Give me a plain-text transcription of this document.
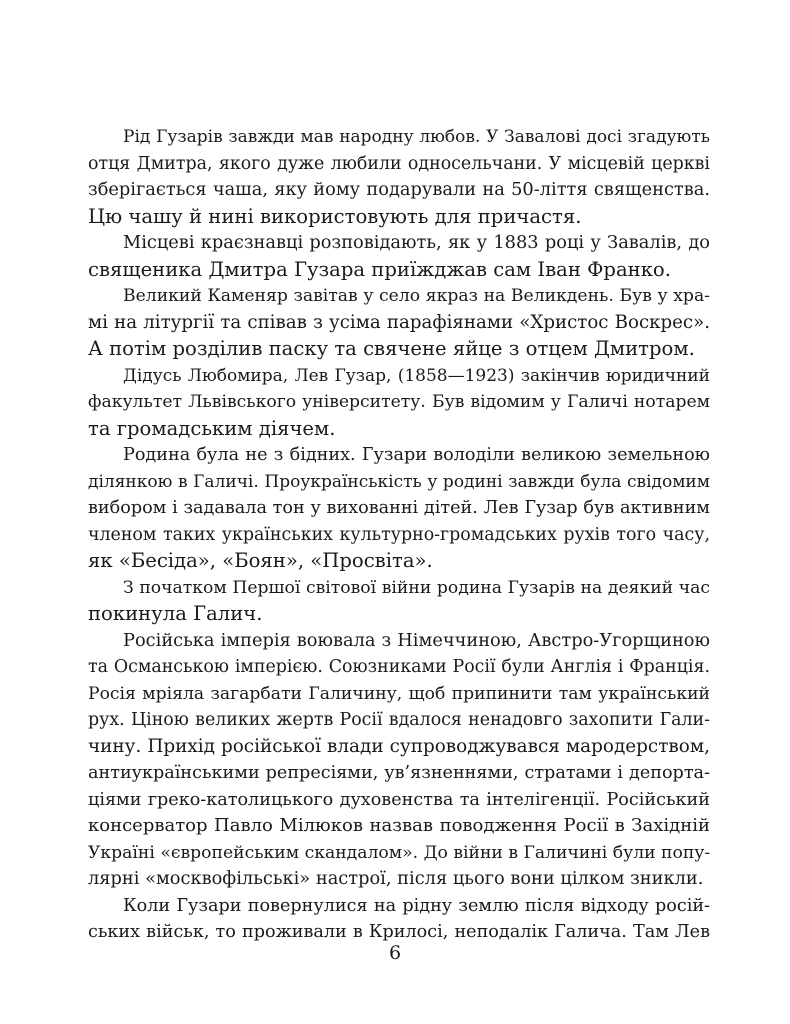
Рід Гузарів завжди мав народну любов. У Завалові досі згадують
отця Дмитра, якого дуже любили односельчани. У місцевій церкві
зберігається чаша, яку йому подарували на 50-ліття священства.
Цю чашу й нині використовують для причастя.
Місцеві краєзнавці розповідають, як у 1883 році у Завалів, до
священика Дмитра Гузара приїжджав сам Іван Франко.
Великий Каменяр завітав у село якраз на Великдень. Був у хра-
мі на літургії та співав з усіма парафіянами «Христос Воскрес».
А потім розділив паску та свячене яйце з отцем Дмитром.
Дідусь Любомира, Лев Гузар, (1858—1923) закінчив юридичний
факультет Львівського університету. Був відомим у Галичі нотарем
та громадським діячем.
Родина була не з бідних. Гузари володіли великою земельною
ділянкою в Галичі. Проукраїнськість у родині завжди була свідомим
вибором і задавала тон у вихованні дітей. Лев Гузар був активним
членом таких українських культурно-громадських рухів того часу,
як «Бесіда», «Боян», «Просвіта».
З початком Першої світової війни родина Гузарів на деякий час
покинула Галич.
Російська імперія воювала з Німеччиною, Австро-Угорщиною
та Османською імперією. Союзниками Росії були Англія і Франція.
Росія мріяла загарбати Галичину, щоб припинити там український
рух. Ціною великих жертв Росії вдалося ненадовго захопити Гали-
чину. Прихід російської влади супроводжувався мародерством,
антиукраїнськими репресіями, ув’язненнями, стратами і депорта-
ціями греко-католицького духовенства та інтелігенції. Російський
консерватор Павло Мілюков назвав поводження Росії в Західній
Україні «європейським скандалом». До війни в Галичині були попу-
лярні «москвофільські» настрої, після цього вони цілком зникли.
Коли Гузари повернулися на рідну землю після відходу росій-
ських військ, то проживали в Крилосі, неподалік Галича. Там Лев
6
